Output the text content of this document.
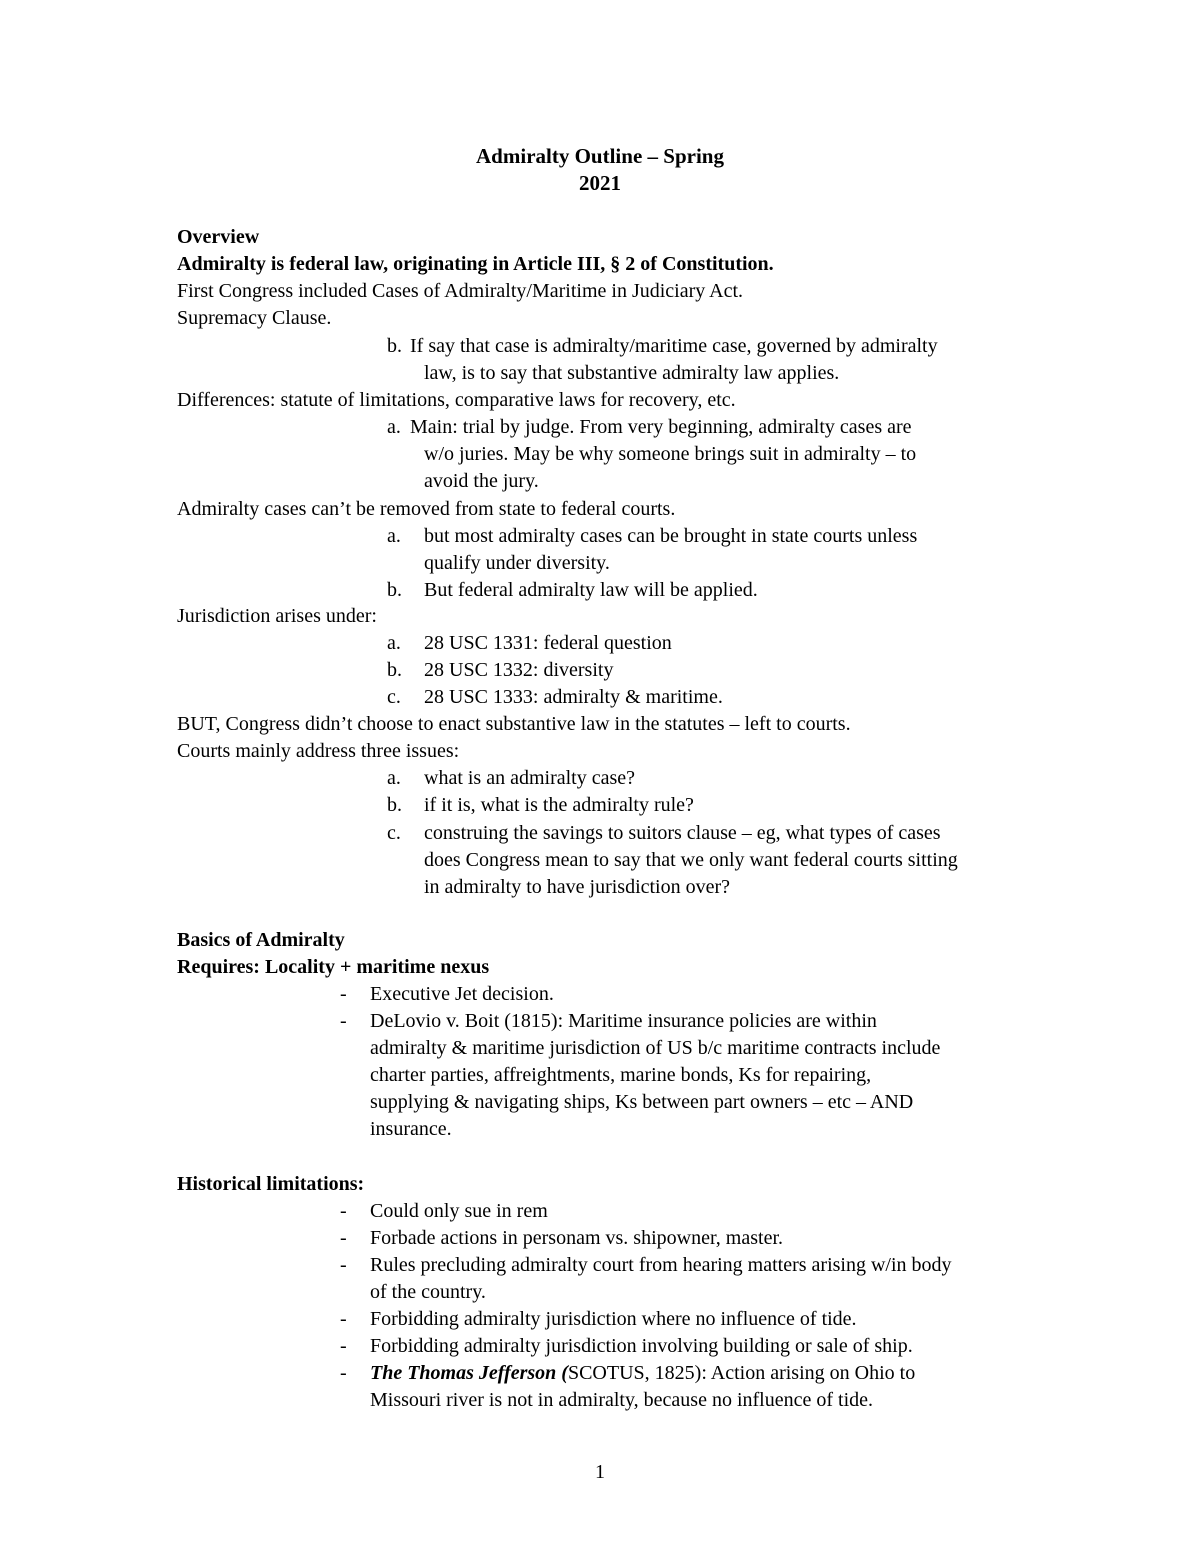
Admiralty Outline – Spring
2021
Overview
Admiralty is federal law, originating in Article III, § 2 of Constitution.
First Congress included Cases of Admiralty/Maritime in Judiciary Act.
Supremacy Clause.
b. If say that case is admiralty/maritime case, governed by admiralty
law, is to say that substantive admiralty law applies.
Differences: statute of limitations, comparative laws for recovery, etc.
a. Main: trial by judge. From very beginning, admiralty cases are
w/o juries. May be why someone brings suit in admiralty – to
avoid the jury.
Admiralty cases can’t be removed from state to federal courts.
a. but most admiralty cases can be brought in state courts unless
qualify under diversity.
b. But federal admiralty law will be applied.
Jurisdiction arises under:
a. 28 USC 1331: federal question
b. 28 USC 1332: diversity
c. 28 USC 1333: admiralty & maritime.
BUT, Congress didn’t choose to enact substantive law in the statutes – left to courts.
Courts mainly address three issues:
a. what is an admiralty case?
b. if it is, what is the admiralty rule?
c. construing the savings to suitors clause – eg, what types of cases
does Congress mean to say that we only want federal courts sitting
in admiralty to have jurisdiction over?
Basics of Admiralty
Requires: Locality + maritime nexus
- Executive Jet decision.
- DeLovio v. Boit (1815): Maritime insurance policies are within
admiralty & maritime jurisdiction of US b/c maritime contracts include
charter parties, affreightments, marine bonds, Ks for repairing,
supplying & navigating ships, Ks between part owners – etc – AND
insurance.
Historical limitations:
- Could only sue in rem
- Forbade actions in personam vs. shipowner, master.
- Rules precluding admiralty court from hearing matters arising w/in body
of the country.
- Forbidding admiralty jurisdiction where no influence of tide.
- Forbidding admiralty jurisdiction involving building or sale of ship.
- The Thomas Jefferson (SCOTUS, 1825): Action arising on Ohio to
Missouri river is not in admiralty, because no influence of tide.
1
